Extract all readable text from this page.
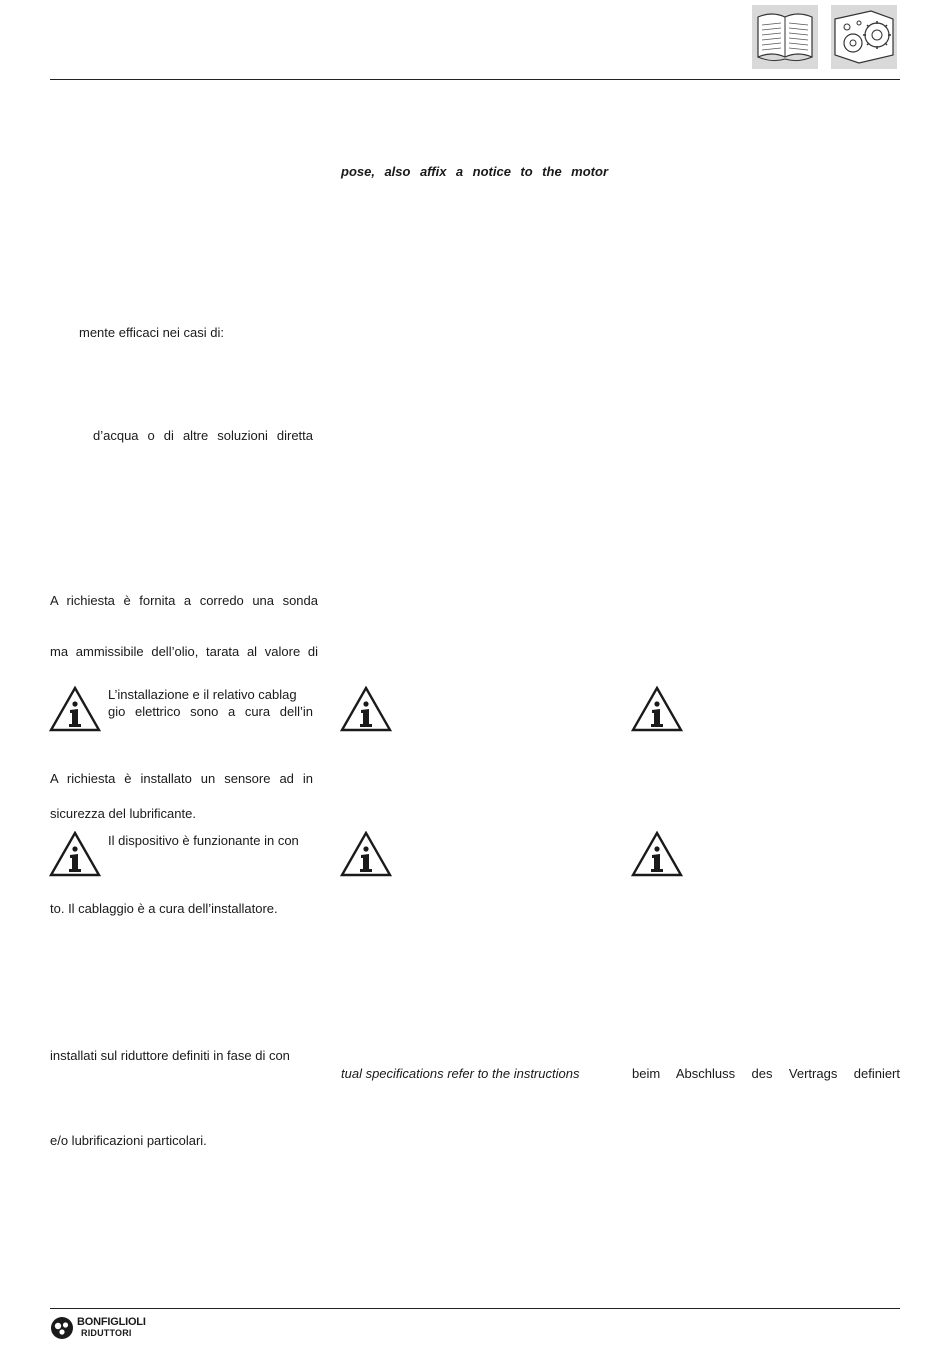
pose, also affix a notice to the motor
mente efficaci nei casi di:
d’acqua o di altre soluzioni diretta
A richiesta è fornita a corredo una sonda
ma ammissibile dell’olio, tarata al valore di
L’installazione e il relativo cablag
gio elettrico sono a cura dell’in
A richiesta è installato un sensore ad in
sicurezza del lubrificante.
Il dispositivo è funzionante in con
to. Il cablaggio è a cura dell’installatore.
installati sul riduttore definiti in fase di con
tual specifications refer to the instructions	beim Abschluss des Vertrags definiert
e/o lubrificazioni particolari.
BONFIGLIOLI
RIDUTTORI
